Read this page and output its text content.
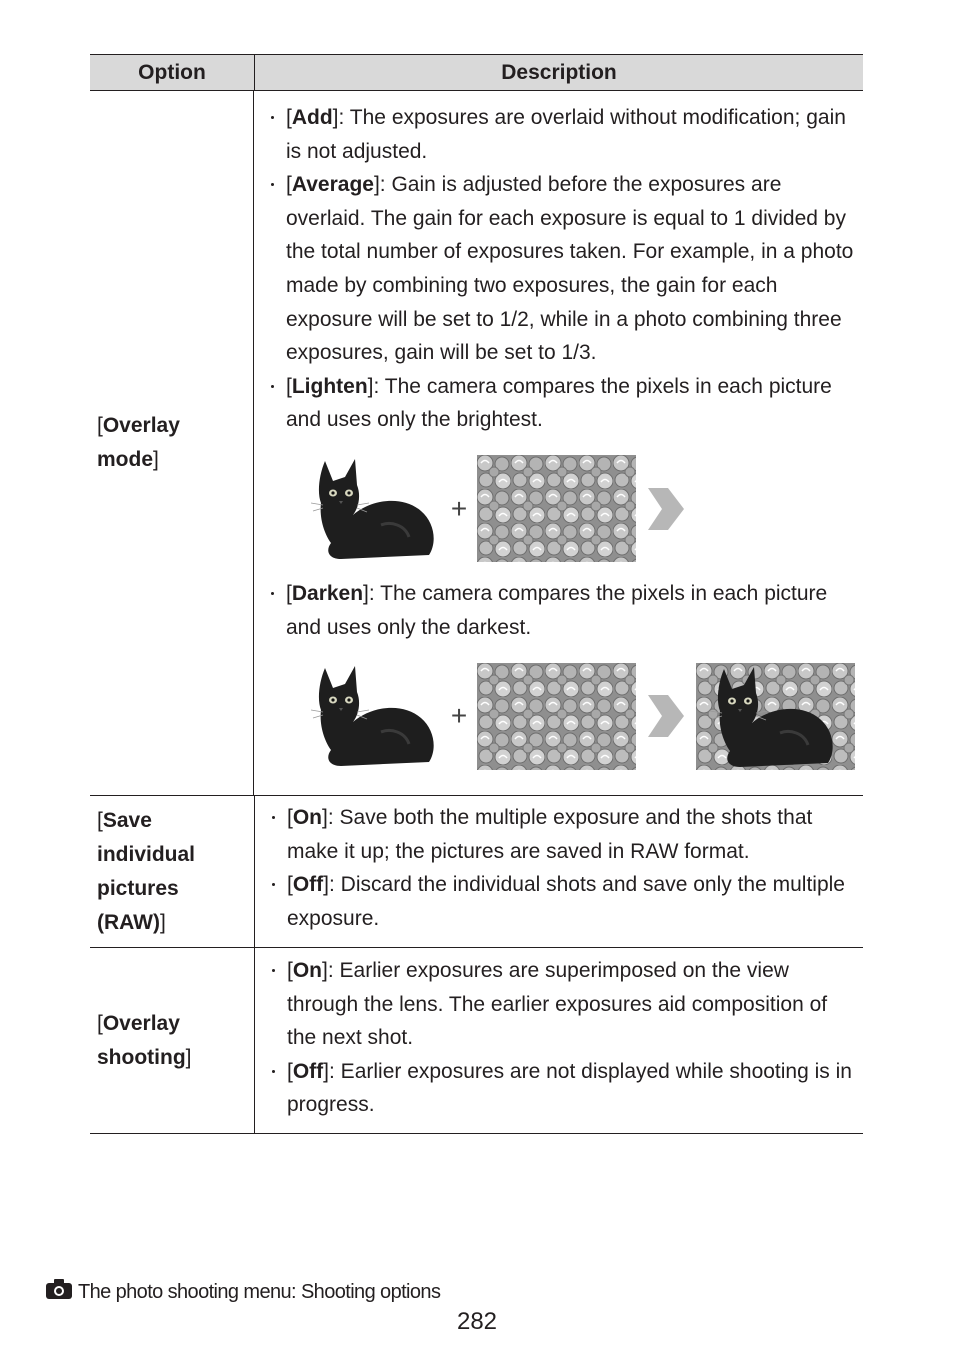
Option	Description
[Overlay mode]
[Add]: The exposures are overlaid without modification; gain is not adjusted.
[Average]: Gain is adjusted before the exposures are overlaid. The gain for each exposure is equal to 1 divided by the total number of exposures taken. For example, in a photo made by combining two exposures, the gain for each exposure will be set to 1/2, while in a photo combining three exposures, gain will be set to 1/3.
[Lighten]: The camera compares the pixels in each picture and uses only the brightest.
+
[Darken]: The camera compares the pixels in each picture and uses only the darkest.
+
[Save individual pictures (RAW)]
[On]: Save both the multiple exposure and the shots that make it up; the pictures are saved in RAW format.
[Off]: Discard the individual shots and save only the multiple exposure.
[Overlay shooting]
[On]: Earlier exposures are superimposed on the view through the lens. The earlier exposures aid composition of the next shot.
[Off]: Earlier exposures are not displayed while shooting is in progress.
The photo shooting menu: Shooting options
282
